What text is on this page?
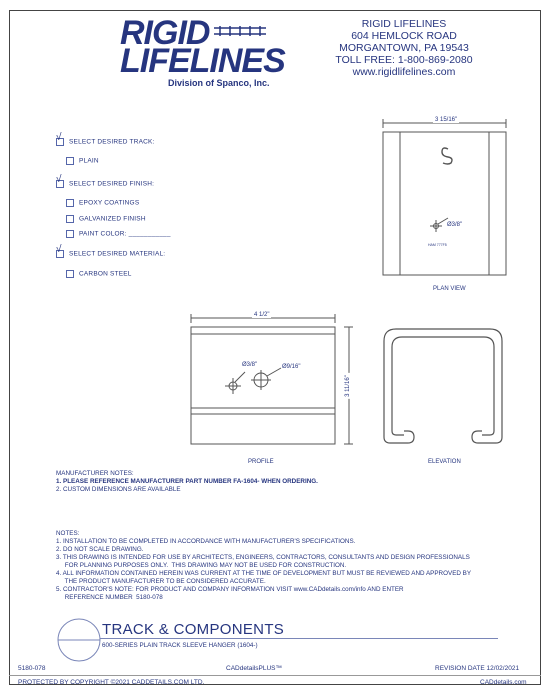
RIGID
LIFELINES
Division of Spanco, Inc.
RIGID LIFELINES
604 HEMLOCK ROAD
MORGANTOWN, PA 19543
TOLL FREE: 1-800-869-2080
www.rigidlifelines.com
√SELECT DESIRED TRACK:
PLAIN
√SELECT DESIRED FINISH:
EPOXY COATINGS
GALVANIZED FINISH
PAINT COLOR: ___________
√SELECT DESIRED MATERIAL:
CARBON STEEL
3 15/16"
Ø3/8"
HAM 777F5
PLAN VIEW
4 1/2"
Ø3/8"	Ø9/16"
3 11/16"
PROFILE	ELEVATION
MANUFACTURER NOTES:
1. PLEASE REFERENCE MANUFACTURER PART NUMBER FA-1604- WHEN ORDERING.
2. CUSTOM DIMENSIONS ARE AVAILABLE
NOTES:
1. INSTALLATION TO BE COMPLETED IN ACCORDANCE WITH MANUFACTURER'S SPECIFICATIONS.
2. DO NOT SCALE DRAWING.
3. THIS DRAWING IS INTENDED FOR USE BY ARCHITECTS, ENGINEERS, CONTRACTORS, CONSULTANTS AND DESIGN PROFESSIONALS
FOR PLANNING PURPOSES ONLY.  THIS DRAWING MAY NOT BE USED FOR CONSTRUCTION.
4. ALL INFORMATION CONTAINED HEREIN WAS CURRENT AT THE TIME OF DEVELOPMENT BUT MUST BE REVIEWED AND APPROVED BY
THE PRODUCT MANUFACTURER TO BE CONSIDERED ACCURATE.
5. CONTRACTOR'S NOTE: FOR PRODUCT AND COMPANY INFORMATION VISIT www.CADdetails.com/info AND ENTER
REFERENCE NUMBER  5180-078
TRACK & COMPONENTS
600-SERIES PLAIN TRACK SLEEVE HANGER (1604-)
5180-078	CADdetailsPLUS™	REVISION DATE 12/02/2021
PROTECTED BY COPYRIGHT ©2021 CADDETAILS.COM LTD.	CADdetails.com
